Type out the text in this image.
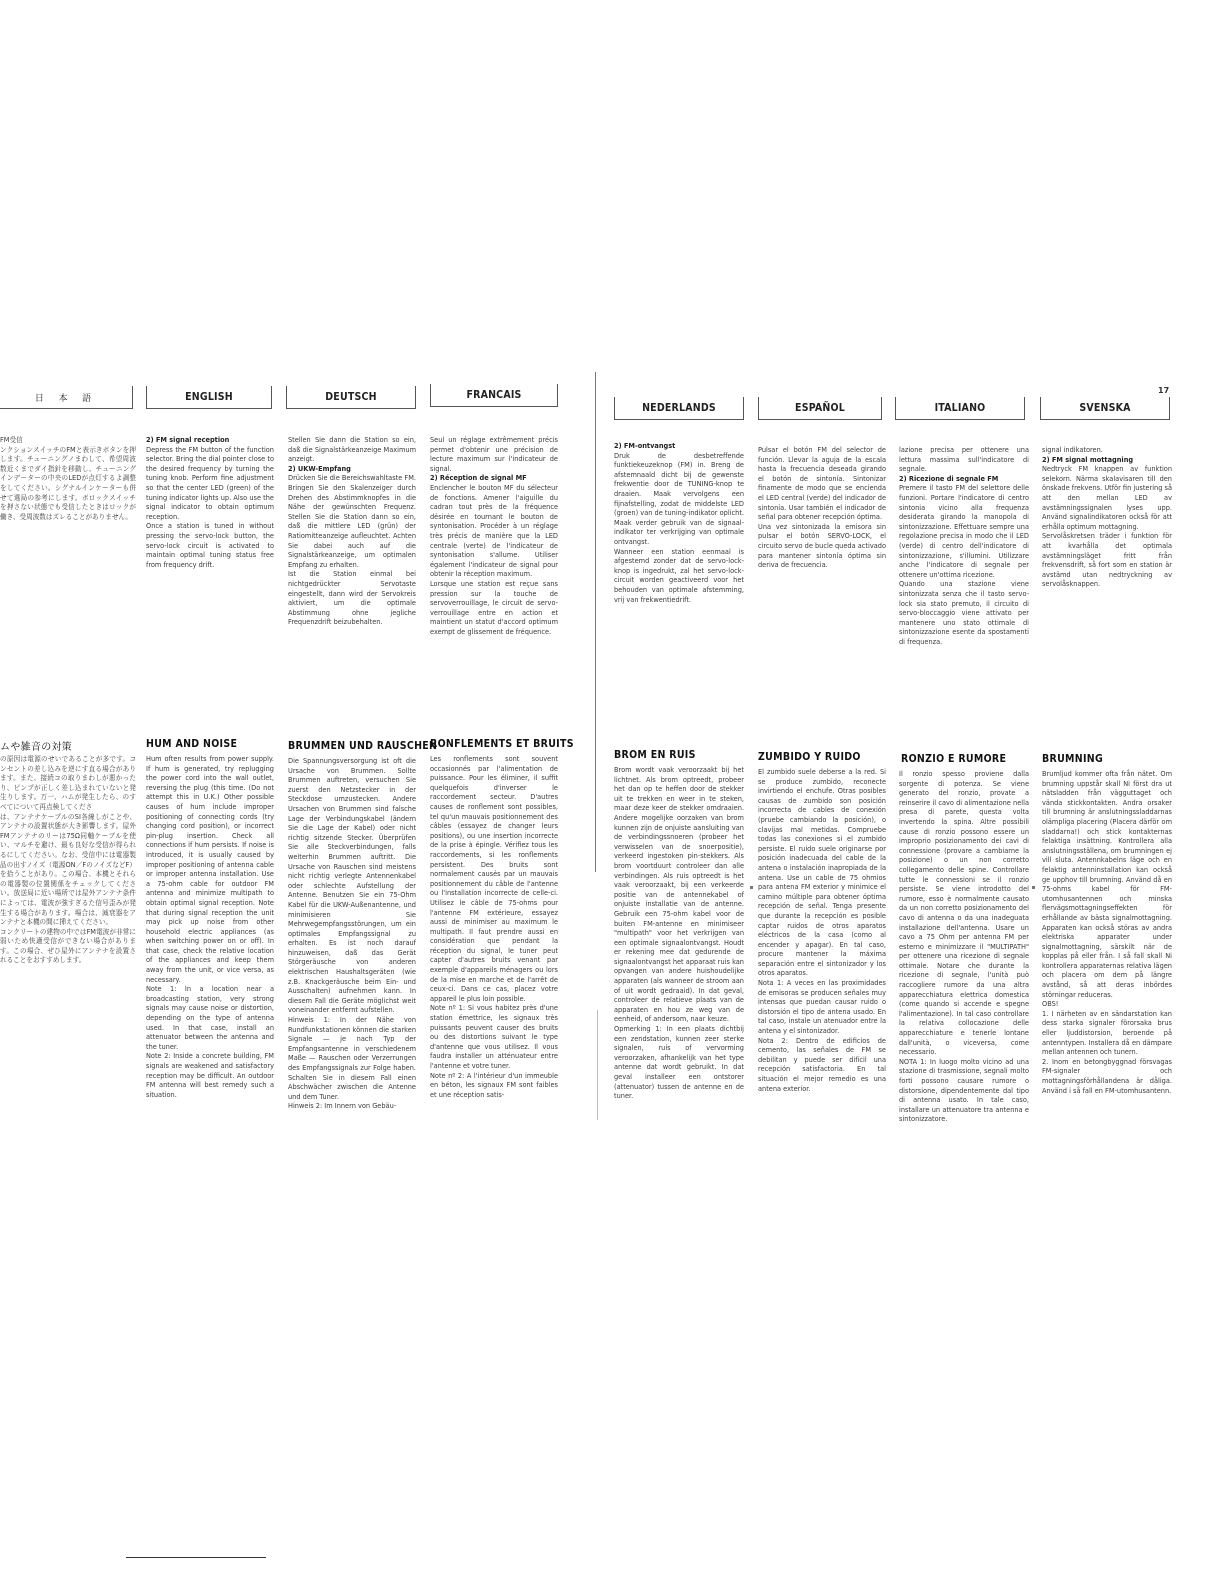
日 本 語	ENGLISH	DEUTSCH	FRANCAIS

FM受信

ンクションスイッチのFMと表示きボタンを押します。チューニングノまわして、希望周波数近くまでダイ指針を移動し、チューニングインデーターの中央のLEDが点灯するよ調整をしてください。シグナルインケーターも併せて選局の参考にします。ボロックスイッチを押さない状態でも受信したときはロックが働き、受周波数はズレることがありません。

2) FM signal reception

Depress the FM button of the function selector. Bring the dial pointer close to the desired frequency by turning the tuning knob. Perform fine adjustment so that the center LED (green) of the tuning indicator lights up. Also use the signal indicator to obtain optimum reception.

Once a station is tuned in without pressing the servo-lock button, the servo-lock circuit is activated to maintain optimal tuning status free from frequency drift.

Stellen Sie dann die Station so ein, daß die Signalstärkeanzeige Maximum anzeigt.

2) UKW-Empfang

Drücken Sie die Bereichswahltaste FM. Bringen Sie den Skalenzeiger durch Drehen des Abstimmknopfes in die Nähe der gewünschten Frequenz. Stellen Sie die Station dann so ein, daß die mittlere LED (grün) der Ratiomitteanzeige aufleuchtet. Achten Sie dabei auch auf die Signalstärkeanzeige, um optimalen Empfang zu erhalten.

Ist die Station einmal bei nichtgedrückter Servotaste eingestellt, dann wird der Servokreis aktiviert, um die optimale Abstimmung ohne jegliche Frequenzdrift beizubehalten.

Seul un réglage extrêmement précis permet d'obtenir une précision de lecture maximum sur l'indicateur de signal.

2) Réception de signal MF

Enclencher le bouton MF du sélecteur de fonctions. Amener l'aiguille du cadran tout près de la fréquence désirée en tournant le bouton de syntonisation. Procéder à un réglage très précis de manière que la LED centrale (verte) de l'indicateur de syntonisation s'allume. Utiliser également l'indicateur de signal pour obtenir la réception maximum.

Lorsque une station est reçue sans pression sur la touche de servoverrouillage, le circuit de servo-verrouillage entre en action et maintient un statut d'accord optimum exempt de glissement de fréquence.

ムや雑音の対策

の原因は電源のせいであることが多です。コンセントの差し込みを逆にす直る場合があります。また、接続コの取りまわしが悪かったり、ピンプが正しく差し込まれていないと発生りします。万一、ハムが発生したら、のすべてについて再点検してくださ

は、アンテナケーブルのSI各線しがことや、アンテナの設置状態が大き影響します。屋外FMアンテナのリーは75Ω同軸ケーブルを使い、マルチを避け、最も良好な受信が得られるにしてください。なお、受信中には電器製品の出すノイズ（電源ON／FのノイズなどF）を拾うことがあり。この場合、本機とそれらの電器製の位置関係をチェックしてください。放送局に近い場所では屋外アンテナ条件によっては、電波が強すぎるた信号歪みが発生する場合があります。場合は、減衰器をアンテナと本機の間に挿えてください。

コンクリートの建物の中ではFM電波が非常に弱いため快適受信ができない場合があります。この場合、ぜひ屋外にアンテナを設置されることをおすすめします。

HUM AND NOISE

Hum often results from power supply. If hum is generated, try replugging the power cord into the wall outlet, reversing the plug (this time. (Do not attempt this in U.K.) Other possible causes of hum include improper positioning of connecting cords (try changing cord position), or incorrect pin-plug insertion. Check all connections if hum persists. If noise is introduced, it is usually caused by improper positioning of antenna cable or improper antenna installation. Use a 75-ohm cable for outdoor FM antenna and minimize multipath to obtain optimal signal reception. Note that during signal reception the unit may pick up noise from other household electric appliances (as when switching power on or off). In that case, check the relative location of the appliances and keep them away from the unit, or vice versa, as necessary.

Note 1: In a location near a broadcasting station, very strong signals may cause noise or distortion, depending on the type of antenna used. In that case, install an attenuator between the antenna and the tuner.

Note 2: Inside a concrete building, FM signals are weakened and satisfactory reception may be difficult. An outdoor FM antenna will best remedy such a situation.

BRUMMEN UND RAUSCHEN

Die Spannungsversorgung ist oft die Ursache von Brummen. Sollte Brummen auftreten, versuchen Sie zuerst den Netzstecker in der Steckdose umzustecken. Andere Ursachen von Brummen sind falsche Lage der Verbindungskabel (ändern Sie die Lage der Kabel) oder nicht richtig sitzende Stecker. Überprüfen Sie alle Steckverbindungen, falls weiterhin Brummen auftritt. Die Ursache von Rauschen sind meistens nicht richtig verlegte Antennenkabel oder schlechte Aufstellung der Antenne. Benutzen Sie ein 75-Ohm Kabel für die UKW-Außenantenne, und minimisieren Sie Mehrwegempfangsstörungen, um ein optimales Empfangssignal zu erhalten. Es ist noch darauf hinzuweisen, daß das Gerät Störgeräusche von anderen elektrischen Haushaltsgeräten (wie z.B. Knackgeräusche beim Ein- und Ausschalten) aufnehmen kann. In diesem Fall die Geräte möglichst weit voneinander entfernt aufstellen.

Hinweis 1: In der Nähe von Rundfunkstationen können die starken Signale — je nach Typ der Empfangsantenne in verschiedenem Maße — Rauschen oder Verzerrungen des Empfangssignals zur Folge haben. Schalten Sie in diesem Fall einen Abschwächer zwischen die Antenne und dem Tuner.

Hinweis 2: Im Innern von Gebäu-

RONFLEMENTS ET BRUITS

Les ronflements sont souvent occasionnés par l'alimentation de puissance. Pour les éliminer, il suffit quelquefois d'inverser le raccordement secteur. D'autres causes de ronflement sont possibles, tel qu'un mauvais positionnement des câbles (essayez de changer leurs positions), ou une insertion incorrecte de la prise à épingle. Vérifiez tous les raccordements, si les ronflements persistent. Des bruits sont normalement causés par un mauvais positionnement du câble de l'antenne ou l'installation incorrecte de celle-ci. Utilisez le câble de 75-ohms pour l'antenne FM extérieure, essayez aussi de minimiser au maximum le multipath. Il faut prendre aussi en considération que pendant la réception du signal, le tuner peut capter d'autres bruits venant par exemple d'appareils ménagers ou lors de la mise en marche et de l'arrêt de ceux-ci. Dans ce cas, placez votre appareil le plus loin possible.

Note nº 1: Si vous habitez près d'une station émettrice, les signaux très puissants peuvent causer des bruits ou des distortions suivant le type d'antenne que vous utilisez. Il vous faudra installer un atténuateur entre l'antenne et votre tuner.

Note nº 2: A l'intérieur d'un immeuble en béton, les signaux FM sont faibles et une réception satis-

17
NEDERLANDS	ESPAÑOL	ITALIANO	SVENSKA

2) FM-ontvangst

Druk de desbetreffende funktiekeuzeknop (FM) in. Breng de afstemnaald dicht bij de gewenste frekwentie door de TUNING-knop te draaien. Maak vervolgens een fijnafstelling, zodat de middelste LED (groen) van de tuning-indikator oplicht. Maak verder gebruik van de signaal-indikator ter verkrijging van optimale ontvangst.

Wanneer een station eenmaal is afgestemd zonder dat de servo-lock-knop is ingedrukt, zal het servo-lock-circuit worden geactiveerd voor het behouden van optimale afstemming, vrij van frekwentiedrift.

Pulsar el botón FM del selector de función. Llevar la aguja de la escala hasta la frecuencia deseada girando el botón de sintonía. Sintonizar finamente de modo que se encienda el LED central (verde) del indicador de sintonía. Usar también el indicador de señal para obtener recepción óptima.

Una vez sintonizada la emisora sin pulsar el botón SERVO-LOCK, el circuito servo de bucle queda activado para mantener sintonía óptima sin deriva de frecuencia.

lazione precisa per ottenere una lettura massima sull'indicatore di segnale.

2) Ricezione di segnale FM

Premere il tasto FM del selettore delle funzioni. Portare l'indicatore di centro sintonia vicino alla frequenza desiderata girando la manopola di sintonizzazione. Effettuare sempre una regolazione precisa in modo che il LED (verde) di centro dell'indicatore di sintonizzazione, s'illumini. Utilizzare anche l'indicatore di segnale per ottenere un'ottima ricezione.

Quando una stazione viene sintonizzata senza che il tasto servo-lock sia stato premuto, il circuito di servo-bloccaggio viene attivato per mantenere uno stato ottimale di sintonizzazione esente da spostamenti di frequenza.

signal indikatoren.

2) FM signal mottagning

Nedtryck FM knappen av funktion selekorn. Närma skalavisaren till den önskade frekvens. Utför fin justering så att den mellan LED av avstämningssignalen lyses upp. Använd signalindikatoren också för att erhålla optimum mottagning.

Servolåskretsen träder i funktion för att kvarhålla det optimala avstämningsläget fritt från frekvensdrift, så fort som en station är avstämd utan nedtryckning av servolåsknappen.

BROM EN RUIS

Brom wordt vaak veroorzaakt bij het lichtnet. Als brom optreedt, probeer het dan op te heffen door de stekker uit te trekken en weer in te steken, maar deze keer de stekker omdraaien. Andere mogelijke oorzaken van brom kunnen zijn de onjuiste aansluiting van de verbindingssnoeren (probeer het verwisselen van de snoerpositie), verkeerd ingestoken pin-stekkers. Als brom voortduurt controleer dan alle verbindingen. Als ruis optreedt is het vaak veroorzaakt, bij een verkeerde positie van de antennekabel of onjuiste installatie van de antenne. Gebruik een 75-ohm kabel voor de buiten FM-antenne en minimiseer "multipath" voor het verkrijgen van een optimale signaalontvangst. Houdt er rekening mee dat gedurende de signaalontvangst het apparaat ruis kan opvangen van andere huishoudelijke apparaten (als wanneer de stroom aan of uit wordt gedraaid). In dat geval, controleer de relatieve plaats van de apparaten en hou ze weg van de eenheid, of andersom, naar keuze.

Opmerking 1: In een plaats dichtbij een zendstation, kunnen zeer sterke signalen, ruis of vervorming veroorzaken, afhankelijk van het type antenne dat wordt gebruikt. In dat geval installeer een ontstorer (attenuator) tussen de antenne en de tuner.

ZUMBIDO Y RUIDO

El zumbido suele deberse a la red. Si se produce zumbido, reconecte invirtiendo el enchufe. Otras posibles causas de zumbido son posición incorrecta de cables de conexión (pruebe cambiando la posición), o clavijas mal metidas. Compruebe todas las conexiones si el zumbido persiste. El ruido suele originarse por posición inadecuada del cable de la antena o instalación inapropiada de la antena. Use un cable de 75 ohmios para antena FM exterior y minimice el camino múltiple para obtener óptima recepción de señal. Tenga presente que durante la recepción es posible captar ruidos de otros aparatos eléctricos de la casa (como al encender y apagar). En tal caso, procure mantener la máxima separación entre el sintonizador y los otros aparatos.

Nota 1: A veces en las proximidades de emisoras se producen señales muy intensas que puedan causar ruido o distorsión el tipo de antena usado. En tal caso, instale un atenuador entre la antena y el sintonizador.

Nota 2: Dentro de edificios de cemento, las señales de FM se debilitan y puede ser difícil una recepción satisfactoria. En tal situación el mejor remedio es una antena exterior.

RONZIO E RUMORE

Il ronzio spesso proviene dalla sorgente di potenza. Se viene generato del ronzio, provate a reinserire il cavo di alimentazione nella presa di parete, questa volta invertendo la spina. Altre possibili cause di ronzio possono essere un improprio posizionamento dei cavi di connessione (provare a cambiarne la posizione) o un non corretto collegamento delle spine. Controllare tutte le connessioni se il ronzio persiste. Se viene introdotto del rumore, esso è normalmente causato da un non corretto posizionamento del cavo di antenna o da una inadeguata installazione dell'antenna. Usare un cavo a 75 Ohm per antenna FM per esterno e minimizzare il "MULTIPATH" per ottenere una ricezione di segnale ottimale. Notare che durante la ricezione di segnale, l'unità può raccogliere rumore da una altra apparecchiatura elettrica domestica (come quando si accende e spegne l'alimentazione). In tal caso controllare la relativa collocazione delle apparecchiature e tenerle lontane dall'unità, o viceversa, come necessario.

NOTA 1: In luogo molto vicino ad una stazione di trasmissione, segnali molto forti possono causare rumore o distorsione, dipendentemente dal tipo di antenna usato. In tale caso, installare un attenuatore tra antenna e sintonizzatore.

BRUMNING

Brumljud kommer ofta från nätet. Om brumning uppstår skall Ni först dra ut nätsladden från vägguttaget och vända stickkontakten. Andra orsaker till brumning är anslutningssladdarnas olämpliga placering (Placera därför om sladdarna!) och stick kontakternas felaktiga insättning. Kontrollera alla anslutningsställena, om brumningen ej vill sluta. Antennkabelns läge och en felaktig antenninstallation kan också ge upphov till brumning. Använd då en 75-ohms kabel för FM-utomhusantennen och minska flervägsmottagningseffekten för erhållande av bästa signalmottagning. Apparaten kan också störas av andra elektriska apparater under signalmottagning, särskilt när de kopplas på eller från. I så fall skall Ni kontrollera apparaternas relativa lägen och placera om dem på längre avstånd, så att deras inbördes störningar reduceras.

OBS!

1. I närheten av en sändarstation kan dess starka signaler förorsaka brus eller ljuddistorsion, beroende på antenntypen. Installera då en dämpare mellan antennen och tunern.

2. Inom en betongbyggnad försvagas FM-signaler och mottagningsförhållandena är dåliga. Använd i så fall en FM-utomhusantenn.
